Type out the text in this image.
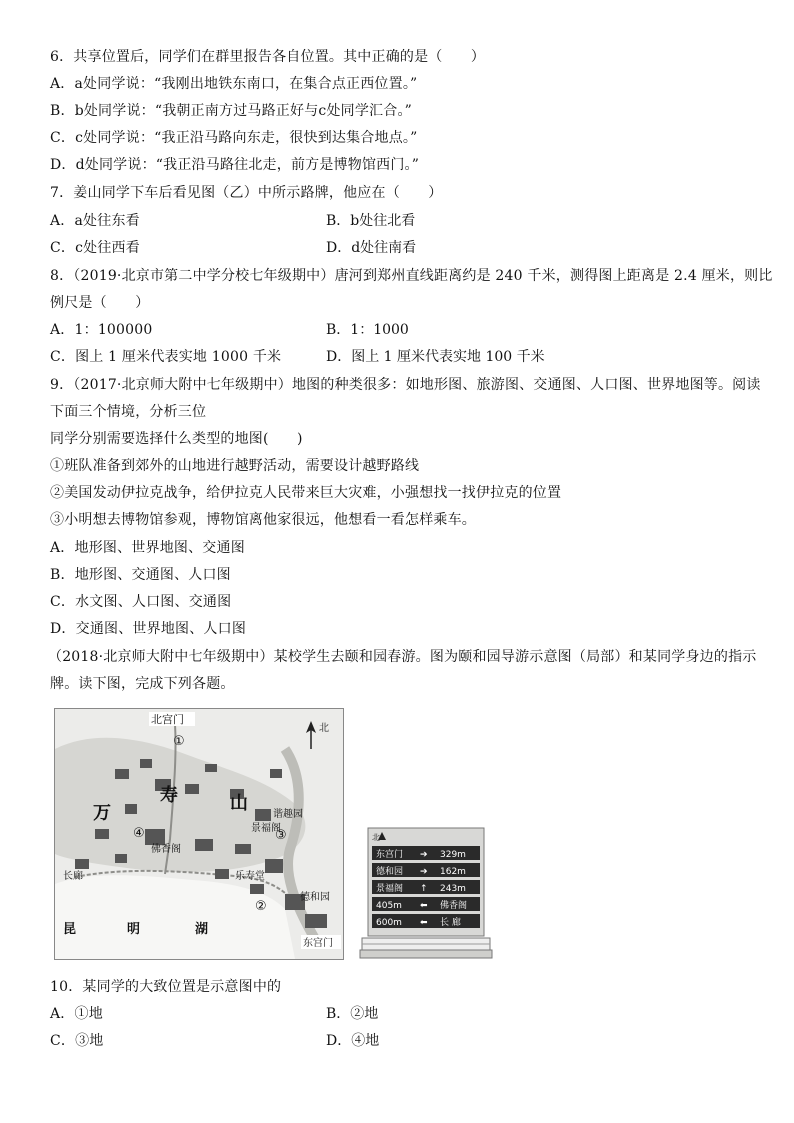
6．共享位置后，同学们在群里报告各自位置。其中正确的是（　　）
A．a处同学说：“我刚出地铁东南口，在集合点正西位置。”
B．b处同学说：“我朝正南方过马路正好与c处同学汇合。”
C．c处同学说：“我正沿马路向东走，很快到达集合地点。”
D．d处同学说：“我正沿马路往北走，前方是博物馆西门。”
7．姜山同学下车后看见图（乙）中所示路牌，他应在（　　）
A．a处往东看	B．b处往北看
C．c处往西看	D．d处往南看
8．（2019·北京市第二中学分校七年级期中）唐河到郑州直线距离约是 240 千米，测得图上距离是 2.4 厘米，则比
例尺是（　　）
A．1：100000	B．1：1000
C．图上 1 厘米代表实地 1000 千米	D．图上 1 厘米代表实地 100 千米
9．（2017·北京师大附中七年级期中）地图的种类很多：如地形图、旅游图、交通图、人口图、世界地图等。阅读
下面三个情境，分析三位
同学分别需要选择什么类型的地图(　　)
①班队准备到郊外的山地进行越野活动，需要设计越野路线
②美国发动伊拉克战争，给伊拉克人民带来巨大灾难，小强想找一找伊拉克的位置
③小明想去博物馆参观，博物馆离他家很远，他想看一看怎样乘车。
A．地形图、世界地图、交通图
B．地形图、交通图、人口图
C．水文图、人口图、交通图
D．交通图、世界地图、人口图
（2018·北京师大附中七年级期中）某校学生去颐和园春游。图为颐和园导游示意图（局部）和某同学身边的指示
牌。读下图，完成下列各题。
北
北宫门
万
寿	山
谐趣园
景福阁
佛香阁
长廊	乐寿堂
德和园
昆	明	湖
东宫门
①
②
③
④	北
东宫门 ➔ 329m
德和园 ➔ 162m
景福阁 ↑ 243m
405m ⬅ 佛香阁
600m ⬅ 长 廊
10．某同学的大致位置是示意图中的
A．①地	B．②地
C．③地	D．④地
